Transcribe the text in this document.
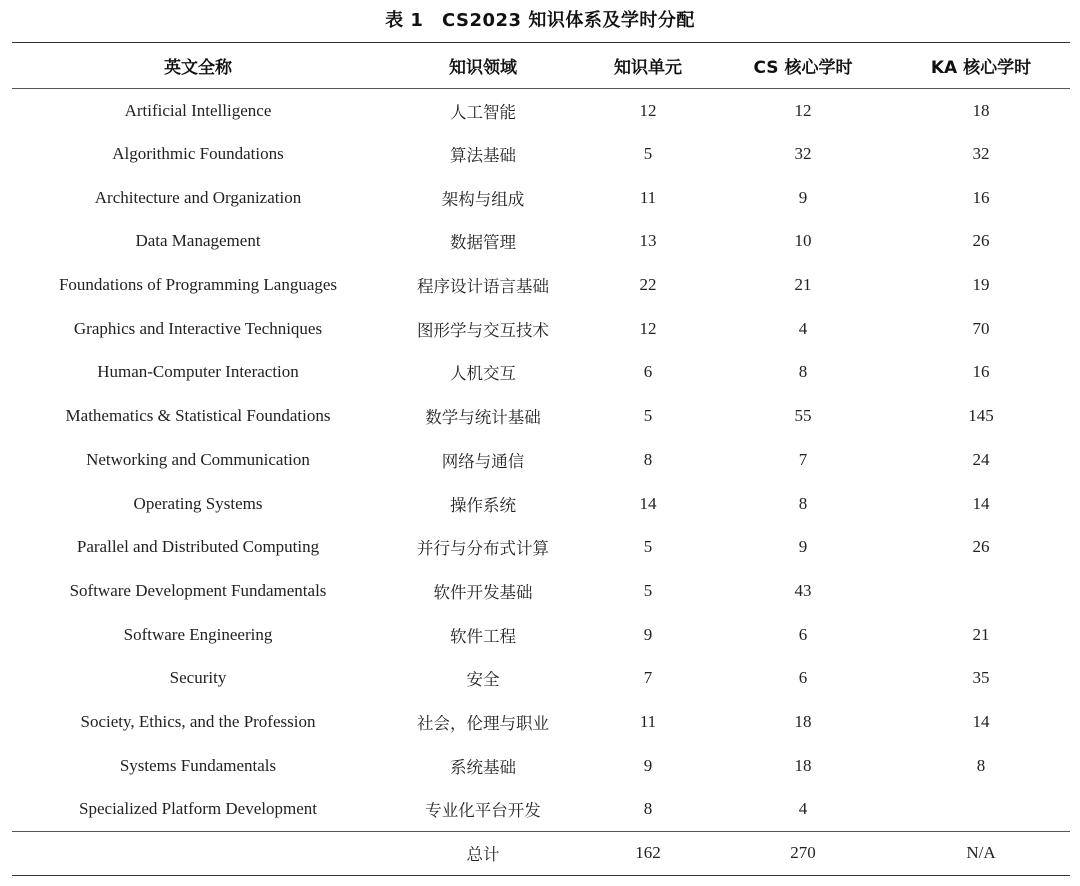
表 1　CS2023 知识体系及学时分配
英文全称	知识领域	知识单元	CS 核心学时	KA 核心学时
Artificial Intelligence	人工智能	12	12	18
Algorithmic Foundations	算法基础	5	32	32
Architecture and Organization	架构与组成	11	9	16
Data Management	数据管理	13	10	26
Foundations of Programming Languages	程序设计语言基础	22	21	19
Graphics and Interactive Techniques	图形学与交互技术	12	4	70
Human-Computer Interaction	人机交互	6	8	16
Mathematics & Statistical Foundations	数学与统计基础	5	55	145
Networking and Communication	网络与通信	8	7	24
Operating Systems	操作系统	14	8	14
Parallel and Distributed Computing	并行与分布式计算	5	9	26
Software Development Fundamentals	软件开发基础	5	43	
Software Engineering	软件工程	9	6	21
Security	安全	7	6	35
Society, Ethics, and the Profession	社会，伦理与职业	11	18	14
Systems Fundamentals	系统基础	9	18	8
Specialized Platform Development	专业化平台开发	8	4	
	总计	162	270	N/A
